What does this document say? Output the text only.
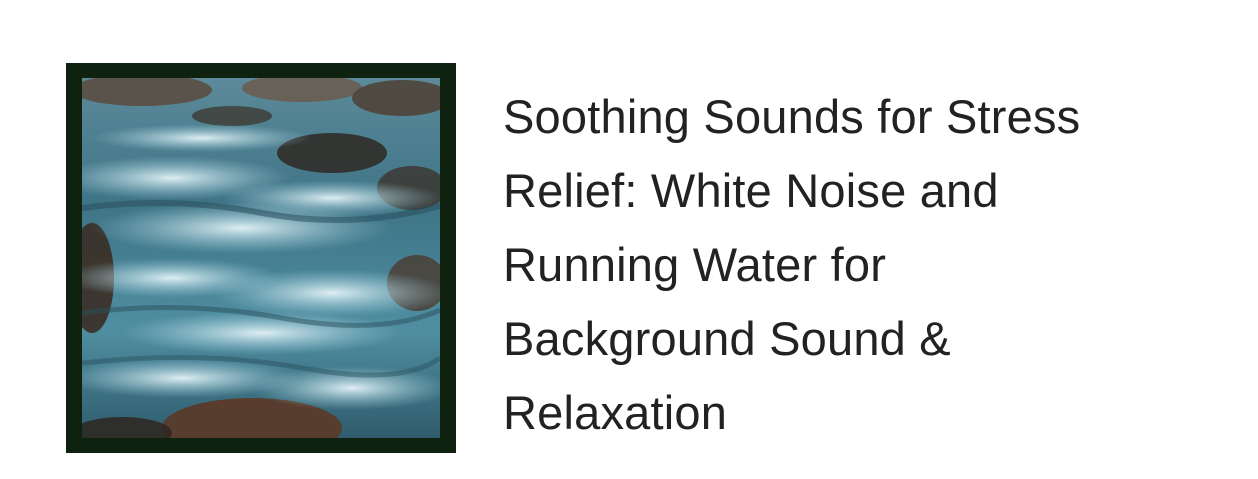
Soothing Sounds for Stress
Relief: White Noise and
Running Water for
Background Sound &
Relaxation
